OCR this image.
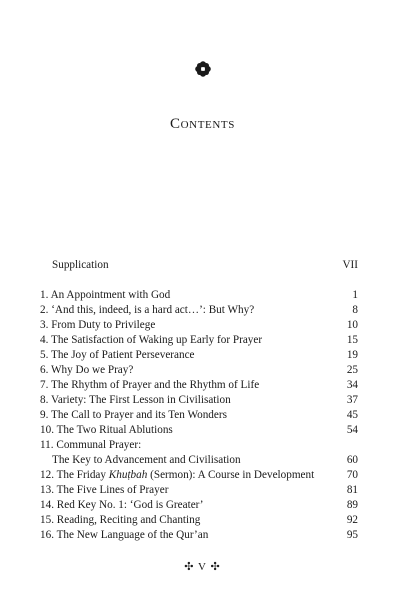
Contents
Supplication	VII
1. An Appointment with God	1
2. ‘And this, indeed, is a hard act…’: But Why?	8
3. From Duty to Privilege	10
4. The Satisfaction of Waking up Early for Prayer	15
5. The Joy of Patient Perseverance	19
6. Why Do we Pray?	25
7. The Rhythm of Prayer and the Rhythm of Life	34
8. Variety: The First Lesson in Civilisation	37
9. The Call to Prayer and its Ten Wonders	45
10. The Two Ritual Ablutions	54
11. Communal Prayer:
The Key to Advancement and Civilisation	60
12. The Friday Khuṭbah (Sermon): A Course in Development	70
13. The Five Lines of Prayer	81
14. Red Key No. 1: ‘God is Greater’	89
15. Reading, Reciting and Chanting	92
16. The New Language of the Qur’an	95
✣ V ✣
